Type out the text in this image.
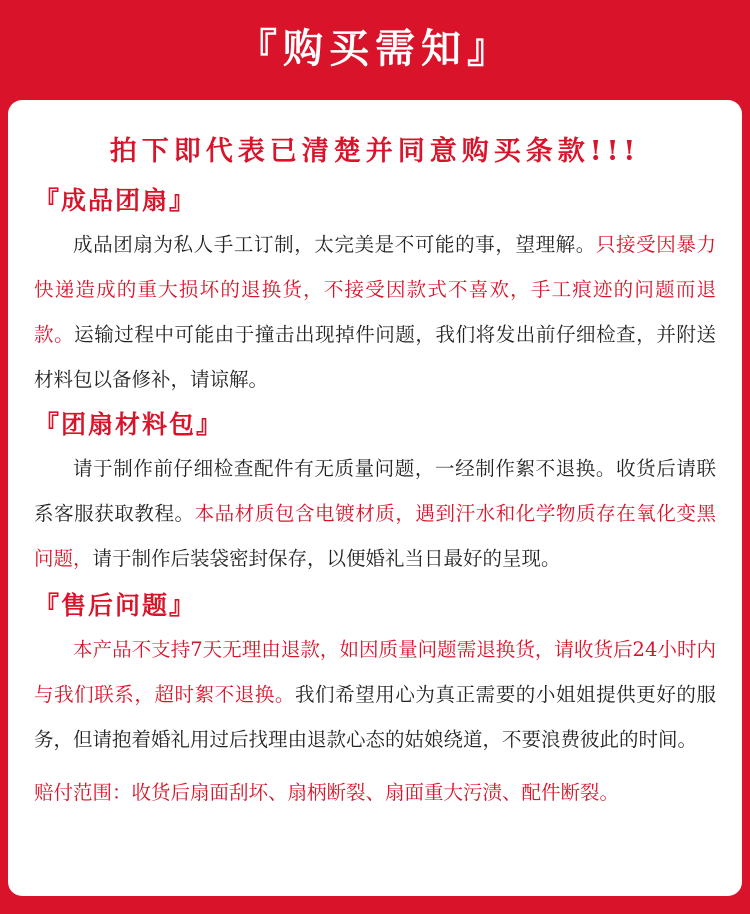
『购买需知』
拍下即代表已清楚并同意购买条款!!!
『成品团扇』

成品团扇为私人手工订制，太完美是不可能的事，望理解。只接受因暴力快递造成的重大损坏的退换货，不接受因款式不喜欢，手工痕迹的问题而退款。运输过程中可能由于撞击出现掉件问题，我们将发出前仔细检查，并附送材料包以备修补，请谅解。

『团扇材料包』

请于制作前仔细检查配件有无质量问题，一经制作絮不退换。收货后请联系客服获取教程。本品材质包含电镀材质，遇到汗水和化学物质存在氧化变黑问题，请于制作后装袋密封保存，以便婚礼当日最好的呈现。

『售后问题』

本产品不支持7天无理由退款，如因质量问题需退换货，请收货后24小时内与我们联系，超时絮不退换。我们希望用心为真正需要的小姐姐提供更好的服务，但请抱着婚礼用过后找理由退款心态的姑娘绕道，不要浪费彼此的时间。

赔付范围：收货后扇面刮坏、扇柄断裂、扇面重大污渍、配件断裂。
